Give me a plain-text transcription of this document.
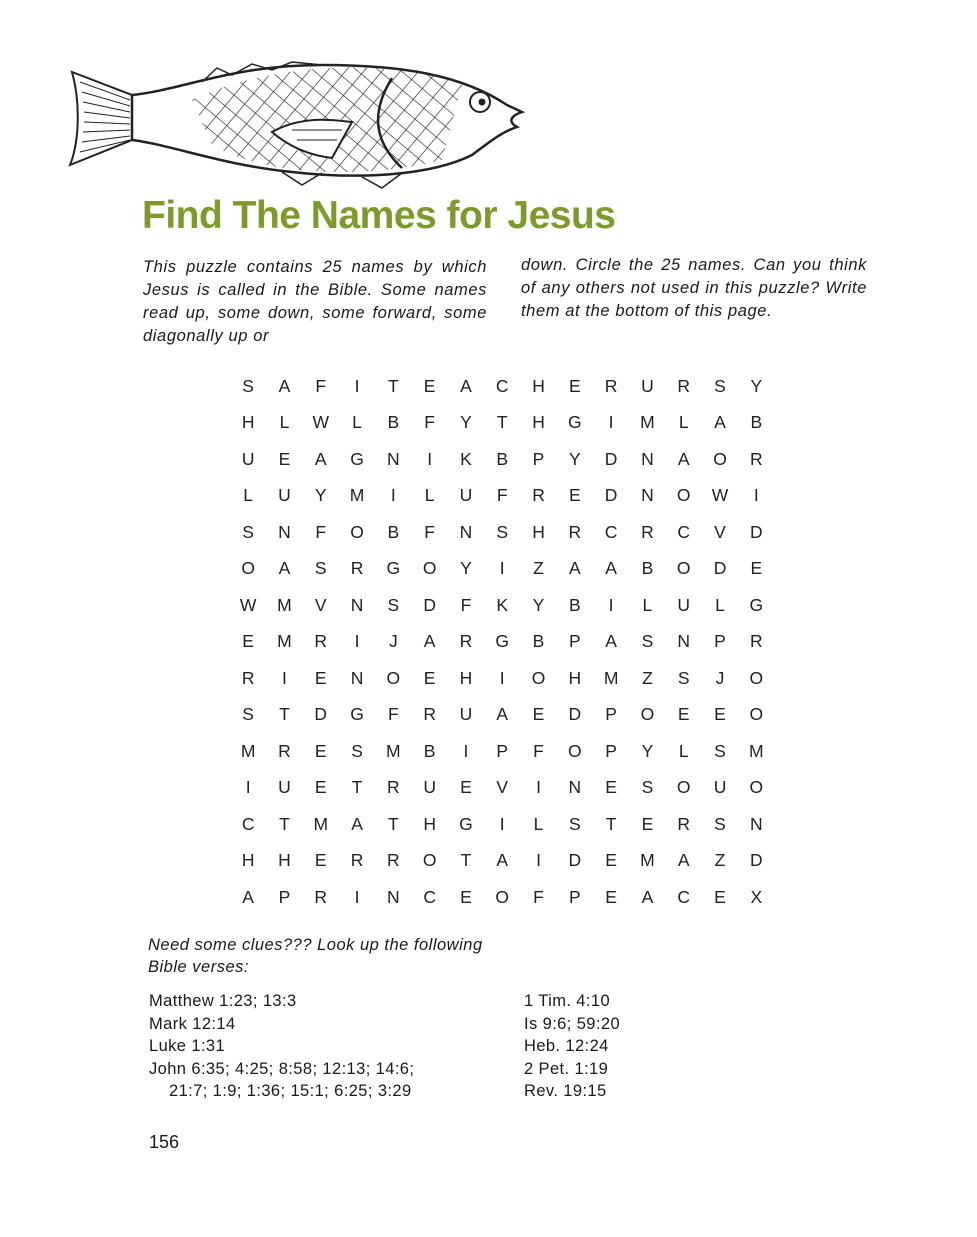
Find The Names for Jesus

This puzzle contains 25 names by which Jesus is called in the Bible. Some names read up, some down, some forward, some diagonally up or

down. Circle the 25 names. Can you think of any others not used in this puzzle? Write them at the bottom of this page.

S	A	F	I	T	E	A	C	H	E	R	U	R	S	Y
H	L	W	L	B	F	Y	T	H	G	I	M	L	A	B
U	E	A	G	N	I	K	B	P	Y	D	N	A	O	R
L	U	Y	M	I	L	U	F	R	E	D	N	O	W	I
S	N	F	O	B	F	N	S	H	R	C	R	C	V	D
O	A	S	R	G	O	Y	I	Z	A	A	B	O	D	E
W	M	V	N	S	D	F	K	Y	B	I	L	U	L	G
E	M	R	I	J	A	R	G	B	P	A	S	N	P	R
R	I	E	N	O	E	H	I	O	H	M	Z	S	J	O
S	T	D	G	F	R	U	A	E	D	P	O	E	E	O
M	R	E	S	M	B	I	P	F	O	P	Y	L	S	M
I	U	E	T	R	U	E	V	I	N	E	S	O	U	O
C	T	M	A	T	H	G	I	L	S	T	E	R	S	N
H	H	E	R	R	O	T	A	I	D	E	M	A	Z	D
A	P	R	I	N	C	E	O	F	P	E	A	C	E	X
Need some clues??? Look up the following Bible verses:
Matthew 1:23; 13:3
Mark 12:14
Luke 1:31
John 6:35; 4:25; 8:58; 12:13; 14:6;
21:7; 1:9; 1:36; 15:1; 6:25; 3:29
1 Tim. 4:10
Is 9:6; 59:20
Heb. 12:24
2 Pet. 1:19
Rev. 19:15
156
